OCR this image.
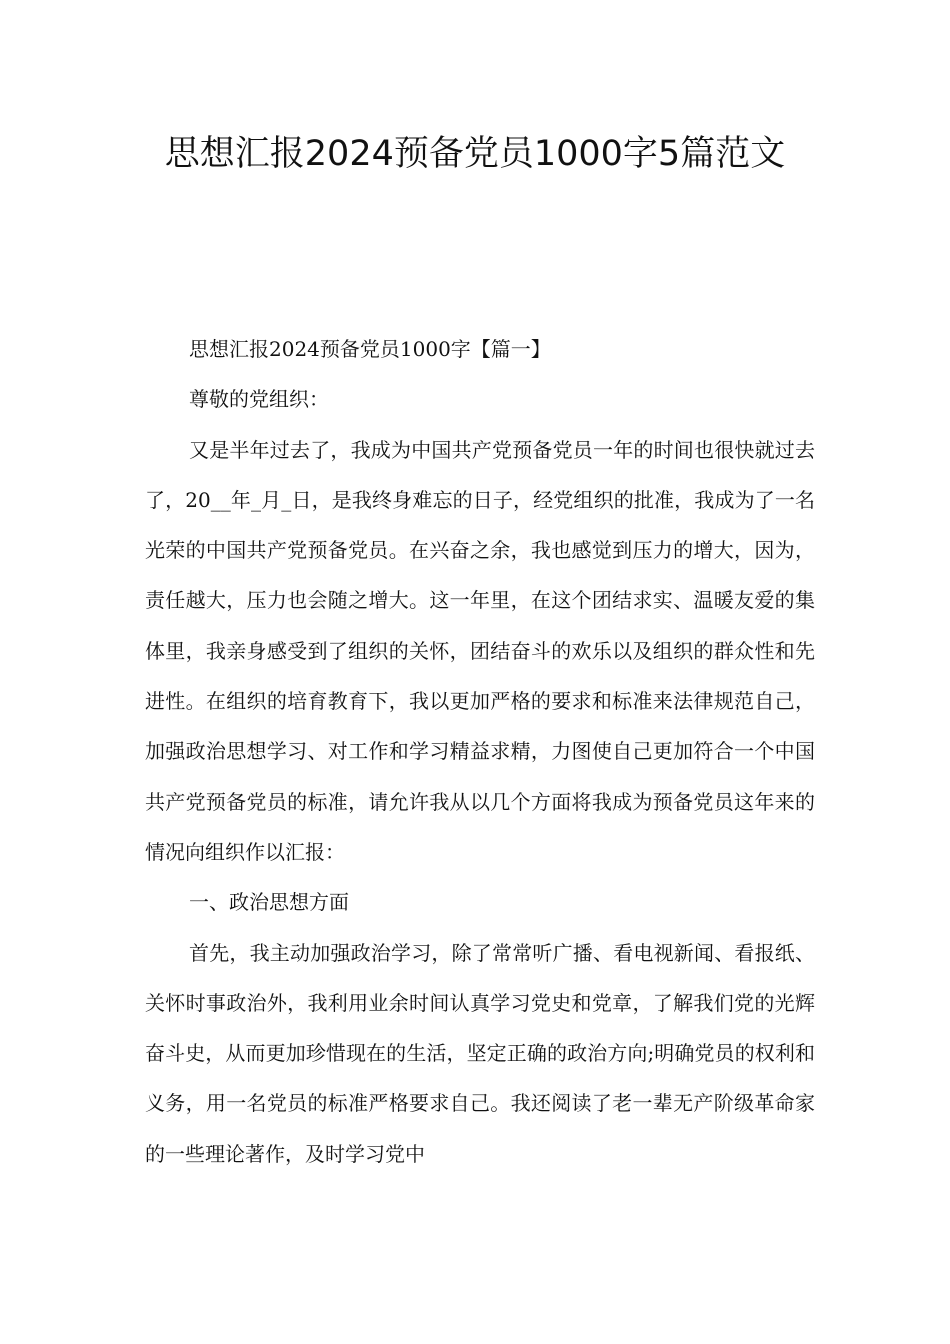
思想汇报2024预备党员1000字5篇范文

思想汇报2024预备党员1000字【篇一】

尊敬的党组织：

又是半年过去了，我成为中国共产党预备党员一年的时间也很快就过去了，20__年_月_日，是我终身难忘的日子，经党组织的批准，我成为了一名光荣的中国共产党预备党员。在兴奋之余，我也感觉到压力的增大，因为，责任越大，压力也会随之增大。这一年里，在这个团结求实、温暖友爱的集体里，我亲身感受到了组织的关怀，团结奋斗的欢乐以及组织的群众性和先进性。在组织的培育教育下，我以更加严格的要求和标准来法律规范自己，加强政治思想学习、对工作和学习精益求精，力图使自己更加符合一个中国共产党预备党员的标准，请允许我从以几个方面将我成为预备党员这年来的情况向组织作以汇报：

一、政治思想方面

首先，我主动加强政治学习，除了常常听广播、看电视新闻、看报纸、关怀时事政治外，我利用业余时间认真学习党史和党章，了解我们党的光辉奋斗史，从而更加珍惜现在的生活，坚定正确的政治方向;明确党员的权利和义务，用一名党员的标准严格要求自己。我还阅读了老一辈无产阶级革命家的一些理论著作，及时学习党中
